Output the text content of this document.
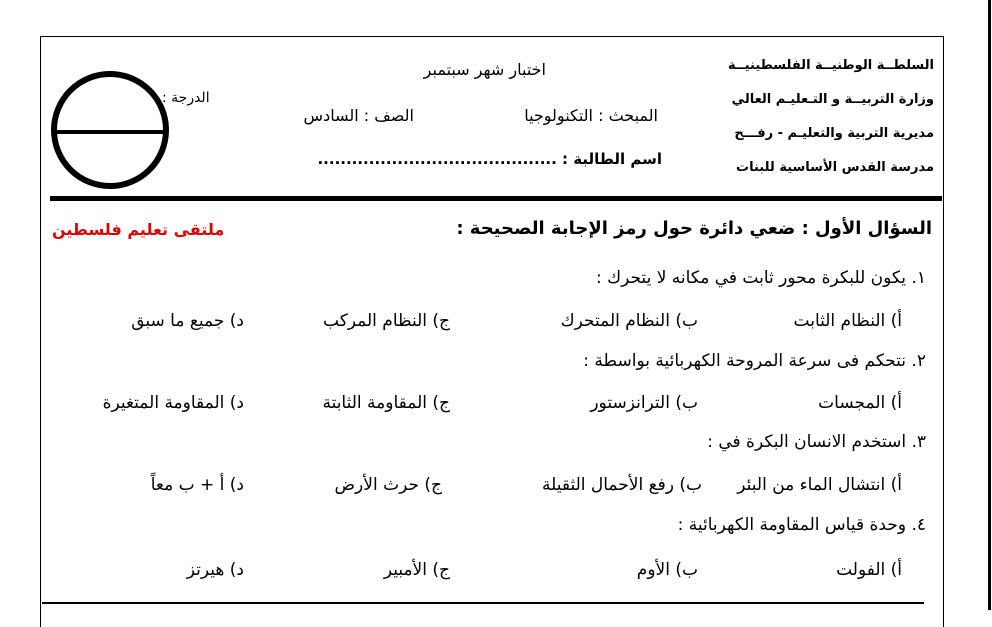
السلطــة الوطنيــة الفلسطينيــة
وزارة التربيــة و التـعليـم العالي
مديرية التربية والتعليـم - رفـــح
مدرسة القدس الأساسية للبنات
اختبار شهر سبتمبر
المبحث : التكنولوجيا
الصف : السادس
اسم الطالبة : ..........................................
الدرجة :
السؤال الأول : ضعي دائرة حول رمز الإجابة الصحيحة :
ملتقى تعليم فلسطين
١. يكون للبكرة محور ثابت في مكانه لا يتحرك :
أ) النظام الثابت
ب) النظام المتحرك
ج) النظام المركب
د) جميع ما سبق
٢. نتحكم فى سرعة المروحة الكهربائية بواسطة :
أ) المجسات
ب) الترانزستور
ج) المقاومة الثابتة
د) المقاومة المتغيرة
٣. استخدم الانسان البكرة في :
أ) انتشال الماء من البئر
ب) رفع الأحمال الثقيلة
ج) حرث الأرض
د) أ + ب معاً
٤. وحدة قياس المقاومة الكهربائية :
أ) الفولت
ب) الأوم
ج) الأمبير
د) هيرتز
